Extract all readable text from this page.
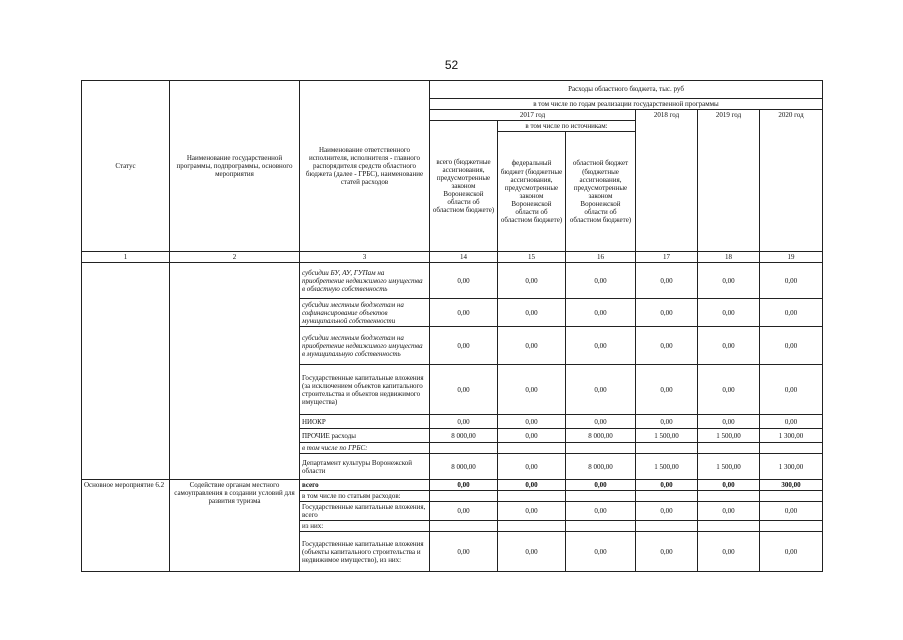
52
Статус	Наименование государственной программы, подпрограммы, основного мероприятия	Наименование ответственного исполнителя, исполнителя - главного распорядителя средств областного бюджета (далее - ГРБС), наименование статей расходов	Расходы областного бюджета, тыс. руб					
			в том числе по годам реализации государственной программы					
			2017 год			2018 год	2019 год	2020 год
			всего (бюджетные ассигнования, предусмотренные законом Воронежской области об областном бюджете)	в том числе по источникам:				
				федеральный бюджет (бюджетные ассигнования, предусмотренные законом Воронежской области об областном бюджете)	областной бюджет (бюджетные ассигнования, предусмотренные законом Воронежской области об областном бюджете)			
1	2	3	14	15	16	17	18	19
		субсидии БУ, АУ, ГУПам на приобретение недвижимого имущества в областную собственность	0,00	0,00	0,00	0,00	0,00	0,00
		субсидии местным бюджетам на софинансирование объектов муниципальной собственности	0,00	0,00	0,00	0,00	0,00	0,00
		субсидии местным бюджетам на приобретение недвижимого имущества в муниципальную собственность	0,00	0,00	0,00	0,00	0,00	0,00
		Государственные капитальные вложения (за исключением объектов капитального строительства и объектов недвижимого имущества)	0,00	0,00	0,00	0,00	0,00	0,00
		НИОКР	0,00	0,00	0,00	0,00	0,00	0,00
		ПРОЧИЕ расходы	8 000,00	0,00	8 000,00	1 500,00	1 500,00	1 300,00
		в том числе по ГРБС:						
		Департамент культуры Воронежской области	8 000,00	0,00	8 000,00	1 500,00	1 500,00	1 300,00
Основное мероприятие 6.2	Содействие органам местного самоуправления в создании условий для развития туризма	всего	0,00	0,00	0,00	0,00	0,00	300,00
		в том числе по статьям расходов:						
		Государственные капитальные вложения, всего	0,00	0,00	0,00	0,00	0,00	0,00
		из них:						
		Государственные капитальные вложения (объекты капитального строительства и недвижимое имущество), из них:	0,00	0,00	0,00	0,00	0,00	0,00
